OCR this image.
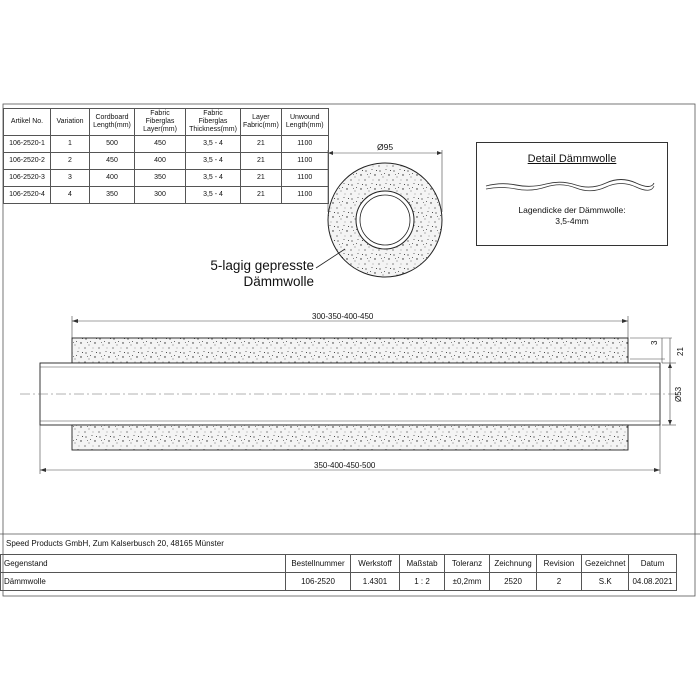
Artikel No.	Variation	Cordboard Length(mm)	Fabric Fiberglas Layer(mm)	Fabric Fiberglas Thickness(mm)	Layer Fabric(mm)	Unwound Length(mm)
106-2520-1	1	500	450	3,5 - 4	21	1100
106-2520-2	2	450	400	3,5 - 4	21	1100
106-2520-3	3	400	350	3,5 - 4	21	1100
106-2520-4	4	350	300	3,5 - 4	21	1100
Ø95
5-lagig gepresste
Dämmwolle
Detail Dämmwolle
Lagendicke der Dämmwolle:
3,5-4mm
300-350-400-450
350-400-450-500
3
21
Ø53
Speed Products GmbH, Zum Kalserbusch 20, 48165 Münster
Gegenstand	Bestellnummer	Werkstoff	Maßstab	Toleranz	Zeichnung	Revision	Gezeichnet	Datum
Dämmwolle	106-2520	1.4301	1 : 2	±0,2mm	2520	2	S.K	04.08.2021
